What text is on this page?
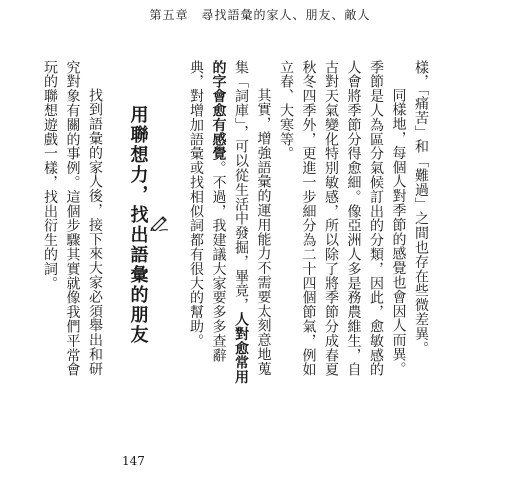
第五章　尋找語彙的家人、朋友、敵人

樣，「痛苦」和「難過」之間也存在些微差異。

同樣地，每個人對季節的感覺也會因人而異。季節是人為區分氣候訂出的分類，因此，愈敏感的人會將季節分得愈細。像亞洲人多是務農維生，自古對天氣變化特別敏感，所以除了將季節分成春夏秋冬四季外，更進一步細分為二十四個節氣，例如立春、大寒等。

其實，增強語彙的運用能力不需要太刻意地蒐集「詞庫」，可以從生活中發掘，畢竟，人對愈常用的字會愈有感覺。不過，我建議大家要多多查辭典，對增加語彙或找相似詞都有很大的幫助。

用聯想力，找出語彙的朋友

找到語彙的家人後，接下來大家必須舉出和研究對象有關的事例。這個步驟其實就像我們平常會玩的聯想遊戲一樣，找出衍生的詞。

147
